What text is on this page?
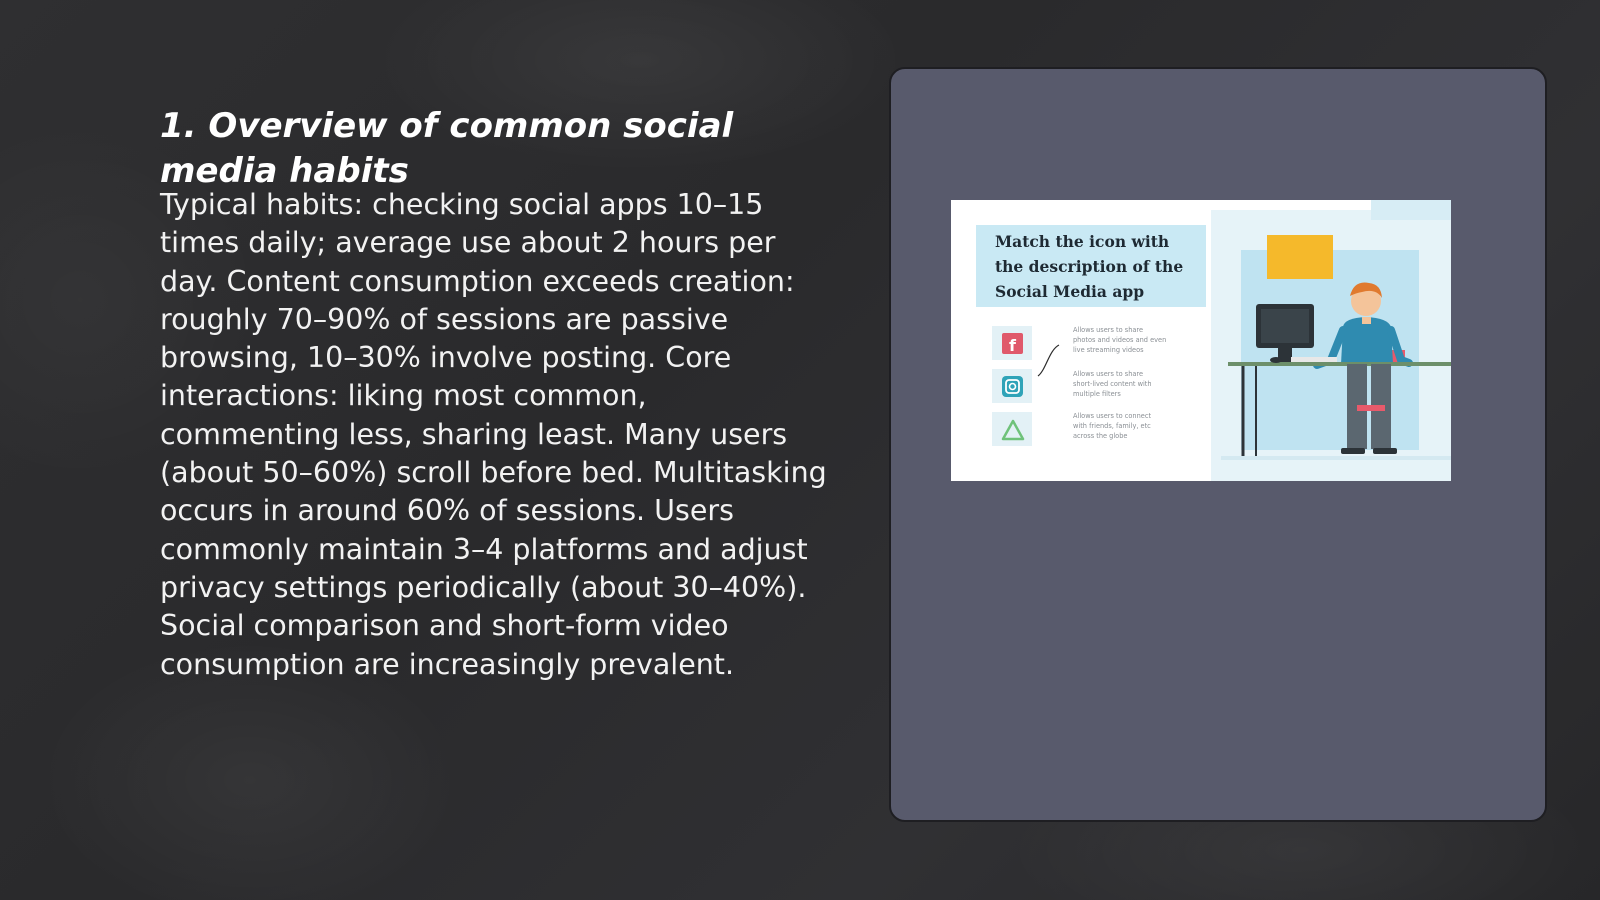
1. Overview of common social media habits

Typical habits: checking social apps 10–15 times daily; average use about 2 hours per day. Content consumption exceeds creation: roughly 70–90% of sessions are passive browsing, 10–30% involve posting. Core interactions: liking most common, commenting less, sharing least. Many users (about 50–60%) scroll before bed. Multitasking occurs in around 60% of sessions. Users commonly maintain 3–4 platforms and adjust privacy settings periodically (about 30–40%). Social comparison and short-form video consumption are increasingly prevalent.

Match the icon with the description of the Social Media app
f
Allows users to share photos and videos and even live streaming videos
Allows users to share short-lived content with multiple filters
Allows users to connect with friends, family, etc across the globe
